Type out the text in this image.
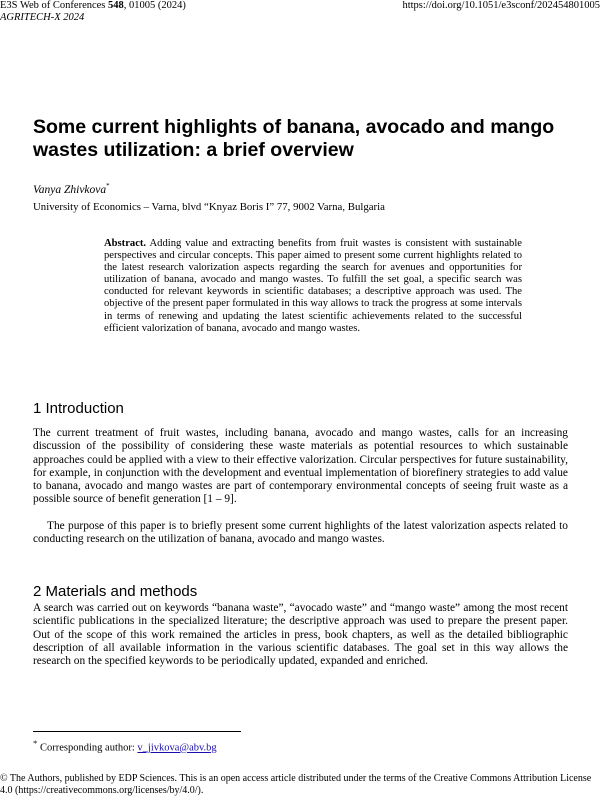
E3S Web of Conferences 548, 01005 (2024)	https://doi.org/10.1051/e3sconf/202454801005
AGRITECH-X 2024
Some current highlights of banana, avocado and mango wastes utilization: a brief overview
Vanya Zhivkova*
University of Economics – Varna, blvd “Knyaz Boris I” 77, 9002 Varna, Bulgaria

Abstract. Adding value and extracting benefits from fruit wastes is consistent with sustainable perspectives and circular concepts. This paper aimed to present some current highlights related to the latest research valorization aspects regarding the search for avenues and opportunities for utilization of banana, avocado and mango wastes. To fulfill the set goal, a specific search was conducted for relevant keywords in scientific databases; a descriptive approach was used. The objective of the present paper formulated in this way allows to track the progress at some intervals in terms of renewing and updating the latest scientific achievements related to the successful efficient valorization of banana, avocado and mango wastes.

1 Introduction

The current treatment of fruit wastes, including banana, avocado and mango wastes, calls for an increasing discussion of the possibility of considering these waste materials as potential resources to which sustainable approaches could be applied with a view to their effective valorization. Circular perspectives for future sustainability, for example, in conjunction with the development and eventual implementation of biorefinery strategies to add value to banana, avocado and mango wastes are part of contemporary environmental concepts of seeing fruit waste as a possible source of benefit generation [1 – 9].

The purpose of this paper is to briefly present some current highlights of the latest valorization aspects related to conducting research on the utilization of banana, avocado and mango wastes.

2 Materials and methods

A search was carried out on keywords “banana waste”, “avocado waste” and “mango waste” among the most recent scientific publications in the specialized literature; the descriptive approach was used to prepare the present paper. Out of the scope of this work remained the articles in press, book chapters, as well as the detailed bibliographic description of all available information in the various scientific databases. The goal set in this way allows the research on the specified keywords to be periodically updated, expanded and enriched.

* Corresponding author: v_jivkova@abv.bg

© The Authors, published by EDP Sciences. This is an open access article distributed under the terms of the Creative Commons Attribution License 4.0 (https://creativecommons.org/licenses/by/4.0/).
